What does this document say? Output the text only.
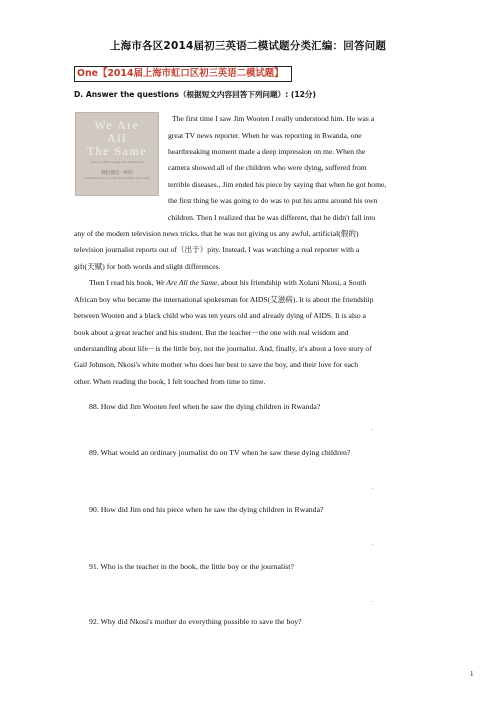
上海市各区2014届初三英语二模试题分类汇编：回答问题
One【2014届上海市虹口区初三英语二模试题】
D. Answer the questions（根据短文内容回答下列问题）: (12分)
We Are
All
The Same
A Story of a Boy's Courage and a Mother's Love
我们都是一样的
A memorable story of a boy, his adoptive mother, and a country
The first time I saw Jim Wooten I really understood him. He was a
great TV news reporter. When he was reporting in Rwanda, one
heartbreaking moment made a deep impression on me. When the
camera showed all of the children who were dying, suffered from
terrible diseases., Jim ended his piece by saying that when he got home,
the first thing he was going to do was to put his arms around his own
children. Then I realized that he was different, that he didn't fall into
any of the modern television news tricks, that he was not giving us any awful, artificial(假的)
television journalist reports out of（出于）pity. Instead, I was watching a real reporter with a
gift(天赋) for both words and slight differences.
Then I read his book, We Are All the Same, about his friendship with Xolani Nkosi, a South
African boy who became the international spokesman for AIDS(艾滋病). It is about the friendship
between Wooten and a black child who was ten years old and already dying of AIDS. It is also a
book about a great teacher and his student. But the teacher－the one with real wisdom and
understanding about life－is the little boy, not the journalist. And, finally, it's about a love story of
Gail Johnson, Nkosi's white mother who does her best to save the boy, and their love for each
other. When reading the book, I felt touched from time to time.
88. How did Jim Wooten feel when he saw the dying children in Rwanda?
.
89. What would an ordinary journalist do on TV when he saw these dying children?
.
90. How did Jim end his piece when he saw the dying children in Rwanda?
.
91. Who is the teacher in the book, the little boy or the journalist?
.
92. Why did Nkosi's mother do everything possible to save the boy?
1
